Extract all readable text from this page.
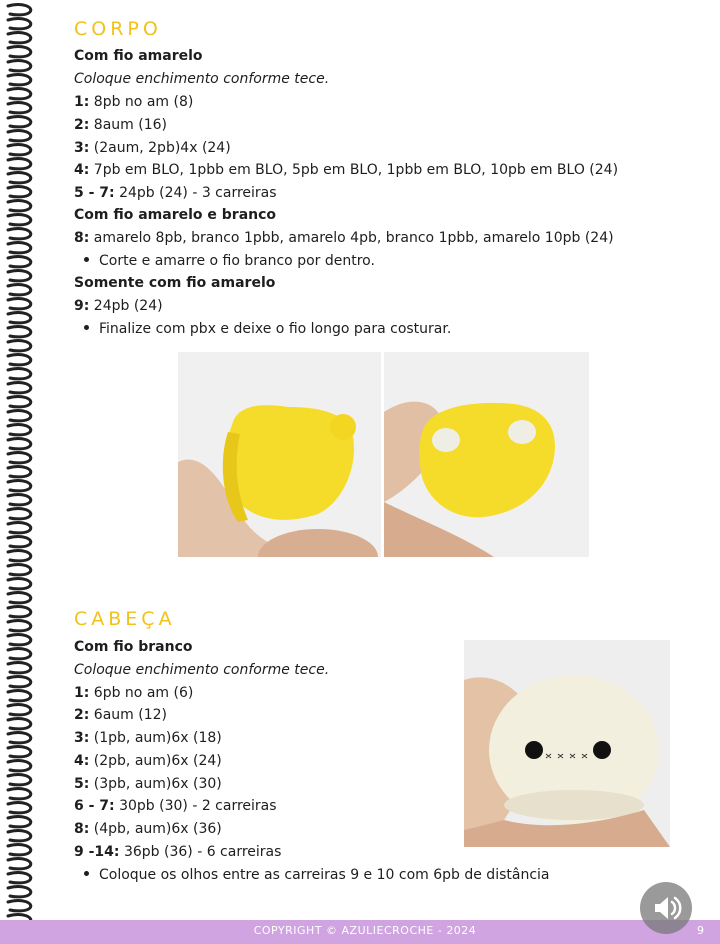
CORPO
Com fio amarelo
Coloque enchimento conforme tece.
1: 8pb no am (8)
2: 8aum (16)
3: (2aum, 2pb)4x (24)
4: 7pb em BLO, 1pbb em BLO, 5pb em BLO, 1pbb em BLO, 10pb em BLO (24)
5 - 7: 24pb (24) - 3 carreiras
Com fio amarelo e branco
8: amarelo 8pb, branco 1pbb, amarelo 4pb, branco 1pbb, amarelo 10pb (24)
Corte e amarre o fio branco por dentro.
Somente com fio amarelo
9: 24pb (24)
Finalize com pbx e deixe o fio longo para costurar.
CABEÇA
Com fio branco
Coloque enchimento conforme tece.
1: 6pb no am (6)
2: 6aum (12)
3: (1pb, aum)6x (18)
4: (2pb, aum)6x (24)
5: (3pb, aum)6x (30)
6 - 7: 30pb (30) - 2 carreiras
8: (4pb, aum)6x (36)
9 -14: 36pb (36) - 6 carreiras
Coloque os olhos entre as carreiras 9 e 10 com 6pb de distância
COPYRIGHT © AZULIECROCHE - 2024	9
